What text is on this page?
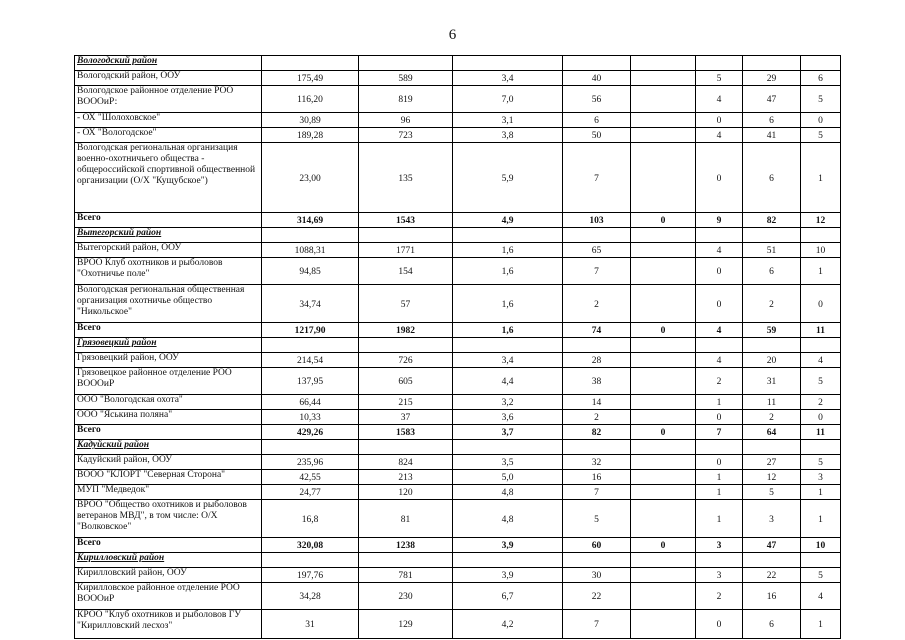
6
Вологодский район								
Вологодский район, ООУ	175,49	589	3,4	40		5	29	6
Вологодское районное отделение РОО ВОООиР:	116,20	819	7,0	56		4	47	5
- ОХ "Шолоховское"	30,89	96	3,1	6		0	6	0
- ОХ "Вологодское"	189,28	723	3,8	50		4	41	5
Вологодская региональная организация военно-охотничьего общества - общероссийской спортивной общественной организации (О/Х "Кущубское")	23,00	135	5,9	7		0	6	1
Всего	314,69	1543	4,9	103	0	9	82	12
Вытегорский район								
Вытегорский район, ООУ	1088,31	1771	1,6	65		4	51	10
ВРОО Клуб охотников и рыболовов "Охотничье поле"	94,85	154	1,6	7		0	6	1
Вологодская региональная общественная организация охотничье общество "Никольское"	34,74	57	1,6	2		0	2	0
Всего	1217,90	1982	1,6	74	0	4	59	11
Грязовецкий район								
Грязовецкий район, ООУ	214,54	726	3,4	28		4	20	4
Грязовецкое районное отделение РОО ВОООиР	137,95	605	4,4	38		2	31	5
ООО "Вологодская охота"	66,44	215	3,2	14		1	11	2
ООО "Яськина поляна"	10,33	37	3,6	2		0	2	0
Всего	429,26	1583	3,7	82	0	7	64	11
Кадуйский район								
Кадуйский район, ООУ	235,96	824	3,5	32		0	27	5
ВОOО "КЛОРТ "Северная Сторона"	42,55	213	5,0	16		1	12	3
МУП "Медведок"	24,77	120	4,8	7		1	5	1
ВРОО "Общество охотников и рыболовов ветеранов МВД", в том числе: О/Х "Волковское"	16,8	81	4,8	5		1	3	1
Всего	320,08	1238	3,9	60	0	3	47	10
Кирилловский район								
Кирилловский район, ООУ	197,76	781	3,9	30		3	22	5
Кирилловское районное отделение РОО ВОООиР	34,28	230	6,7	22		2	16	4
КРОО "Клуб охотников и рыболовов ГУ "Кирилловский лесхоз"	31	129	4,2	7		0	6	1
